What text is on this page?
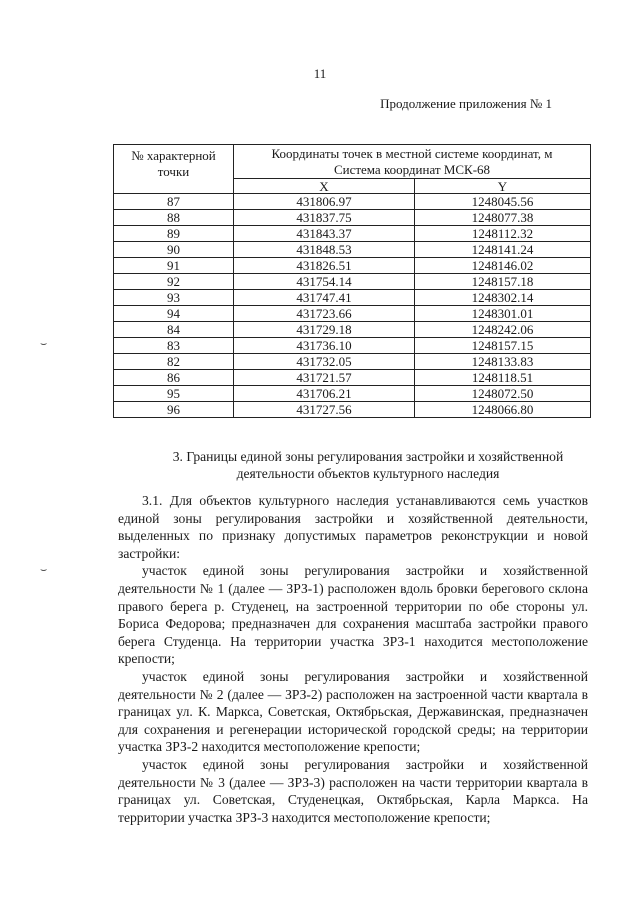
11
Продолжение приложения № 1
⌣
⌣
№ характерной точки	Координаты точек в местной системе координат, м
Система координат МСК-68	
	X	Y
87	431806.97	1248045.56
88	431837.75	1248077.38
89	431843.37	1248112.32
90	431848.53	1248141.24
91	431826.51	1248146.02
92	431754.14	1248157.18
93	431747.41	1248302.14
94	431723.66	1248301.01
84	431729.18	1248242.06
83	431736.10	1248157.15
82	431732.05	1248133.83
86	431721.57	1248118.51
95	431706.21	1248072.50
96	431727.56	1248066.80
3. Границы единой зоны регулирования застройки и хозяйственной деятельности объектов культурного наследия

3.1. Для объектов культурного наследия устанавливаются семь участков единой зоны регулирования застройки и хозяйственной деятельности, выделенных по признаку допустимых параметров реконструкции и новой застройки:

участок единой зоны регулирования застройки и хозяйственной деятельности № 1 (далее — ЗРЗ-1) расположен вдоль бровки берегового склона правого берега р. Студенец, на застроенной территории по обе стороны ул. Бориса Федорова; предназначен для сохранения масштаба застройки правого берега Студенца. На территории участка ЗРЗ-1 находится местоположение крепости;

участок единой зоны регулирования застройки и хозяйственной деятельности № 2 (далее — ЗРЗ-2) расположен на застроенной части квартала в границах ул. К. Маркса, Советская, Октябрьская, Державинская, предназначен для сохранения и регенерации исторической городской среды; на территории участка ЗРЗ-2 находится местоположение крепости;

участок единой зоны регулирования застройки и хозяйственной деятельности № 3 (далее — ЗРЗ-3) расположен на части территории квартала в границах ул. Советская, Студенецкая, Октябрьская, Карла Маркса. На территории участка ЗРЗ-3 находится местоположение крепости;
